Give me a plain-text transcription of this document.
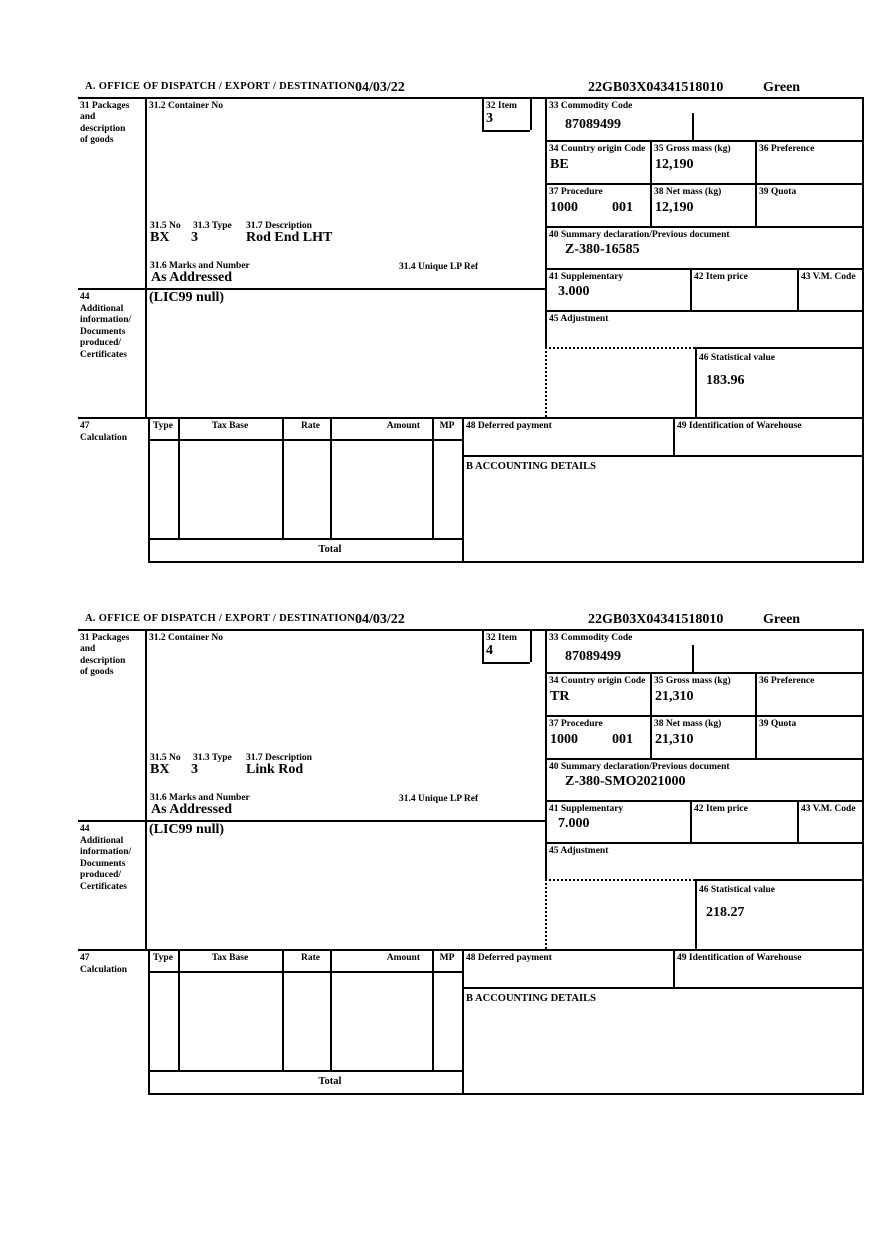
A. OFFICE OF DISPATCH / EXPORT / DESTINATION 04/03/22	22GB03X04341518010	Green
31 Packages and description of goods
31.2 Container No	32 Item
3
33 Commodity Code
87089499
34 Country origin Code
BE
35 Gross mass (kg)
12,190
36 Preference
37 Procedure
1000 001
38 Net mass (kg)
12,190
39 Quota
31.5 No 31.3 Type 31.7 Description
BX 3	Rod End LHT
31.6 Marks and Number	31.4 Unique LP Ref
As Addressed
40 Summary declaration/Previous document
Z-380-16585
41 Supplementary
3.000
42 Item price	43 V.M. Code
44
Additional information/ Documents produced/ Certificates
(LIC99 null)
45 Adjustment
46 Statistical value
183.96
47
Calculation
Type	Tax Base	Rate	Amount	MP	48 Deferred payment	49 Identification of Warehouse
B ACCOUNTING DETAILS
Total
A. OFFICE OF DISPATCH / EXPORT / DESTINATION 04/03/22	22GB03X04341518010	Green
31 Packages and description of goods
31.2 Container No	32 Item
4
33 Commodity Code
87089499
34 Country origin Code
TR
35 Gross mass (kg)
21,310
36 Preference
37 Procedure
1000 001
38 Net mass (kg)
21,310
39 Quota
31.5 No 31.3 Type 31.7 Description
BX 3	Link Rod
31.6 Marks and Number	31.4 Unique LP Ref
As Addressed
40 Summary declaration/Previous document
Z-380-SMO2021000
41 Supplementary
7.000
42 Item price	43 V.M. Code
44
Additional information/ Documents produced/ Certificates
(LIC99 null)
45 Adjustment
46 Statistical value
218.27
47
Calculation
Type	Tax Base	Rate	Amount	MP	48 Deferred payment	49 Identification of Warehouse
B ACCOUNTING DETAILS
Total
